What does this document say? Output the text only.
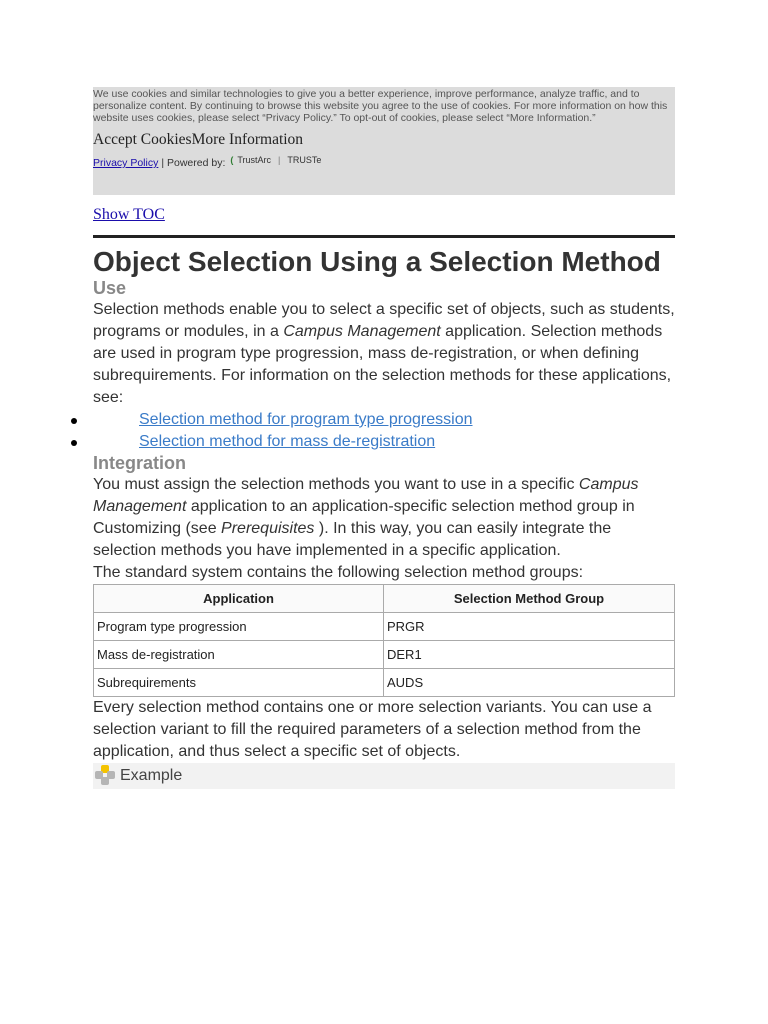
We use cookies and similar technologies to give you a better experience, improve performance, analyze traffic, and to personalize content. By continuing to browse this website you agree to the use of cookies. For more information on how this website uses cookies, please select “Privacy Policy.” To opt-out of cookies, please select “More Information.”

Accept CookiesMore Information
Privacy Policy | Powered by: ( TrustArc | TRUSTe
Show TOC
Object Selection Using a Selection Method
Use

Selection methods enable you to select a specific set of objects, such as students, programs or modules, in a Campus Management application. Selection methods are used in program type progression, mass de-registration, or when defining subrequirements. For information on the selection methods for these applications, see:

Selection method for program type progression
Selection method for mass de-registration
Integration

You must assign the selection methods you want to use in a specific Campus Management application to an application-specific selection method group in Customizing (see Prerequisites ). In this way, you can easily integrate the selection methods you have implemented in a specific application.

The standard system contains the following selection method groups:

Application	Selection Method Group
Program type progression	PRGR
Mass de-registration	DER1
Subrequirements	AUDS

Every selection method contains one or more selection variants. You can use a selection variant to fill the required parameters of a selection method from the application, and thus select a specific set of objects.

Example
